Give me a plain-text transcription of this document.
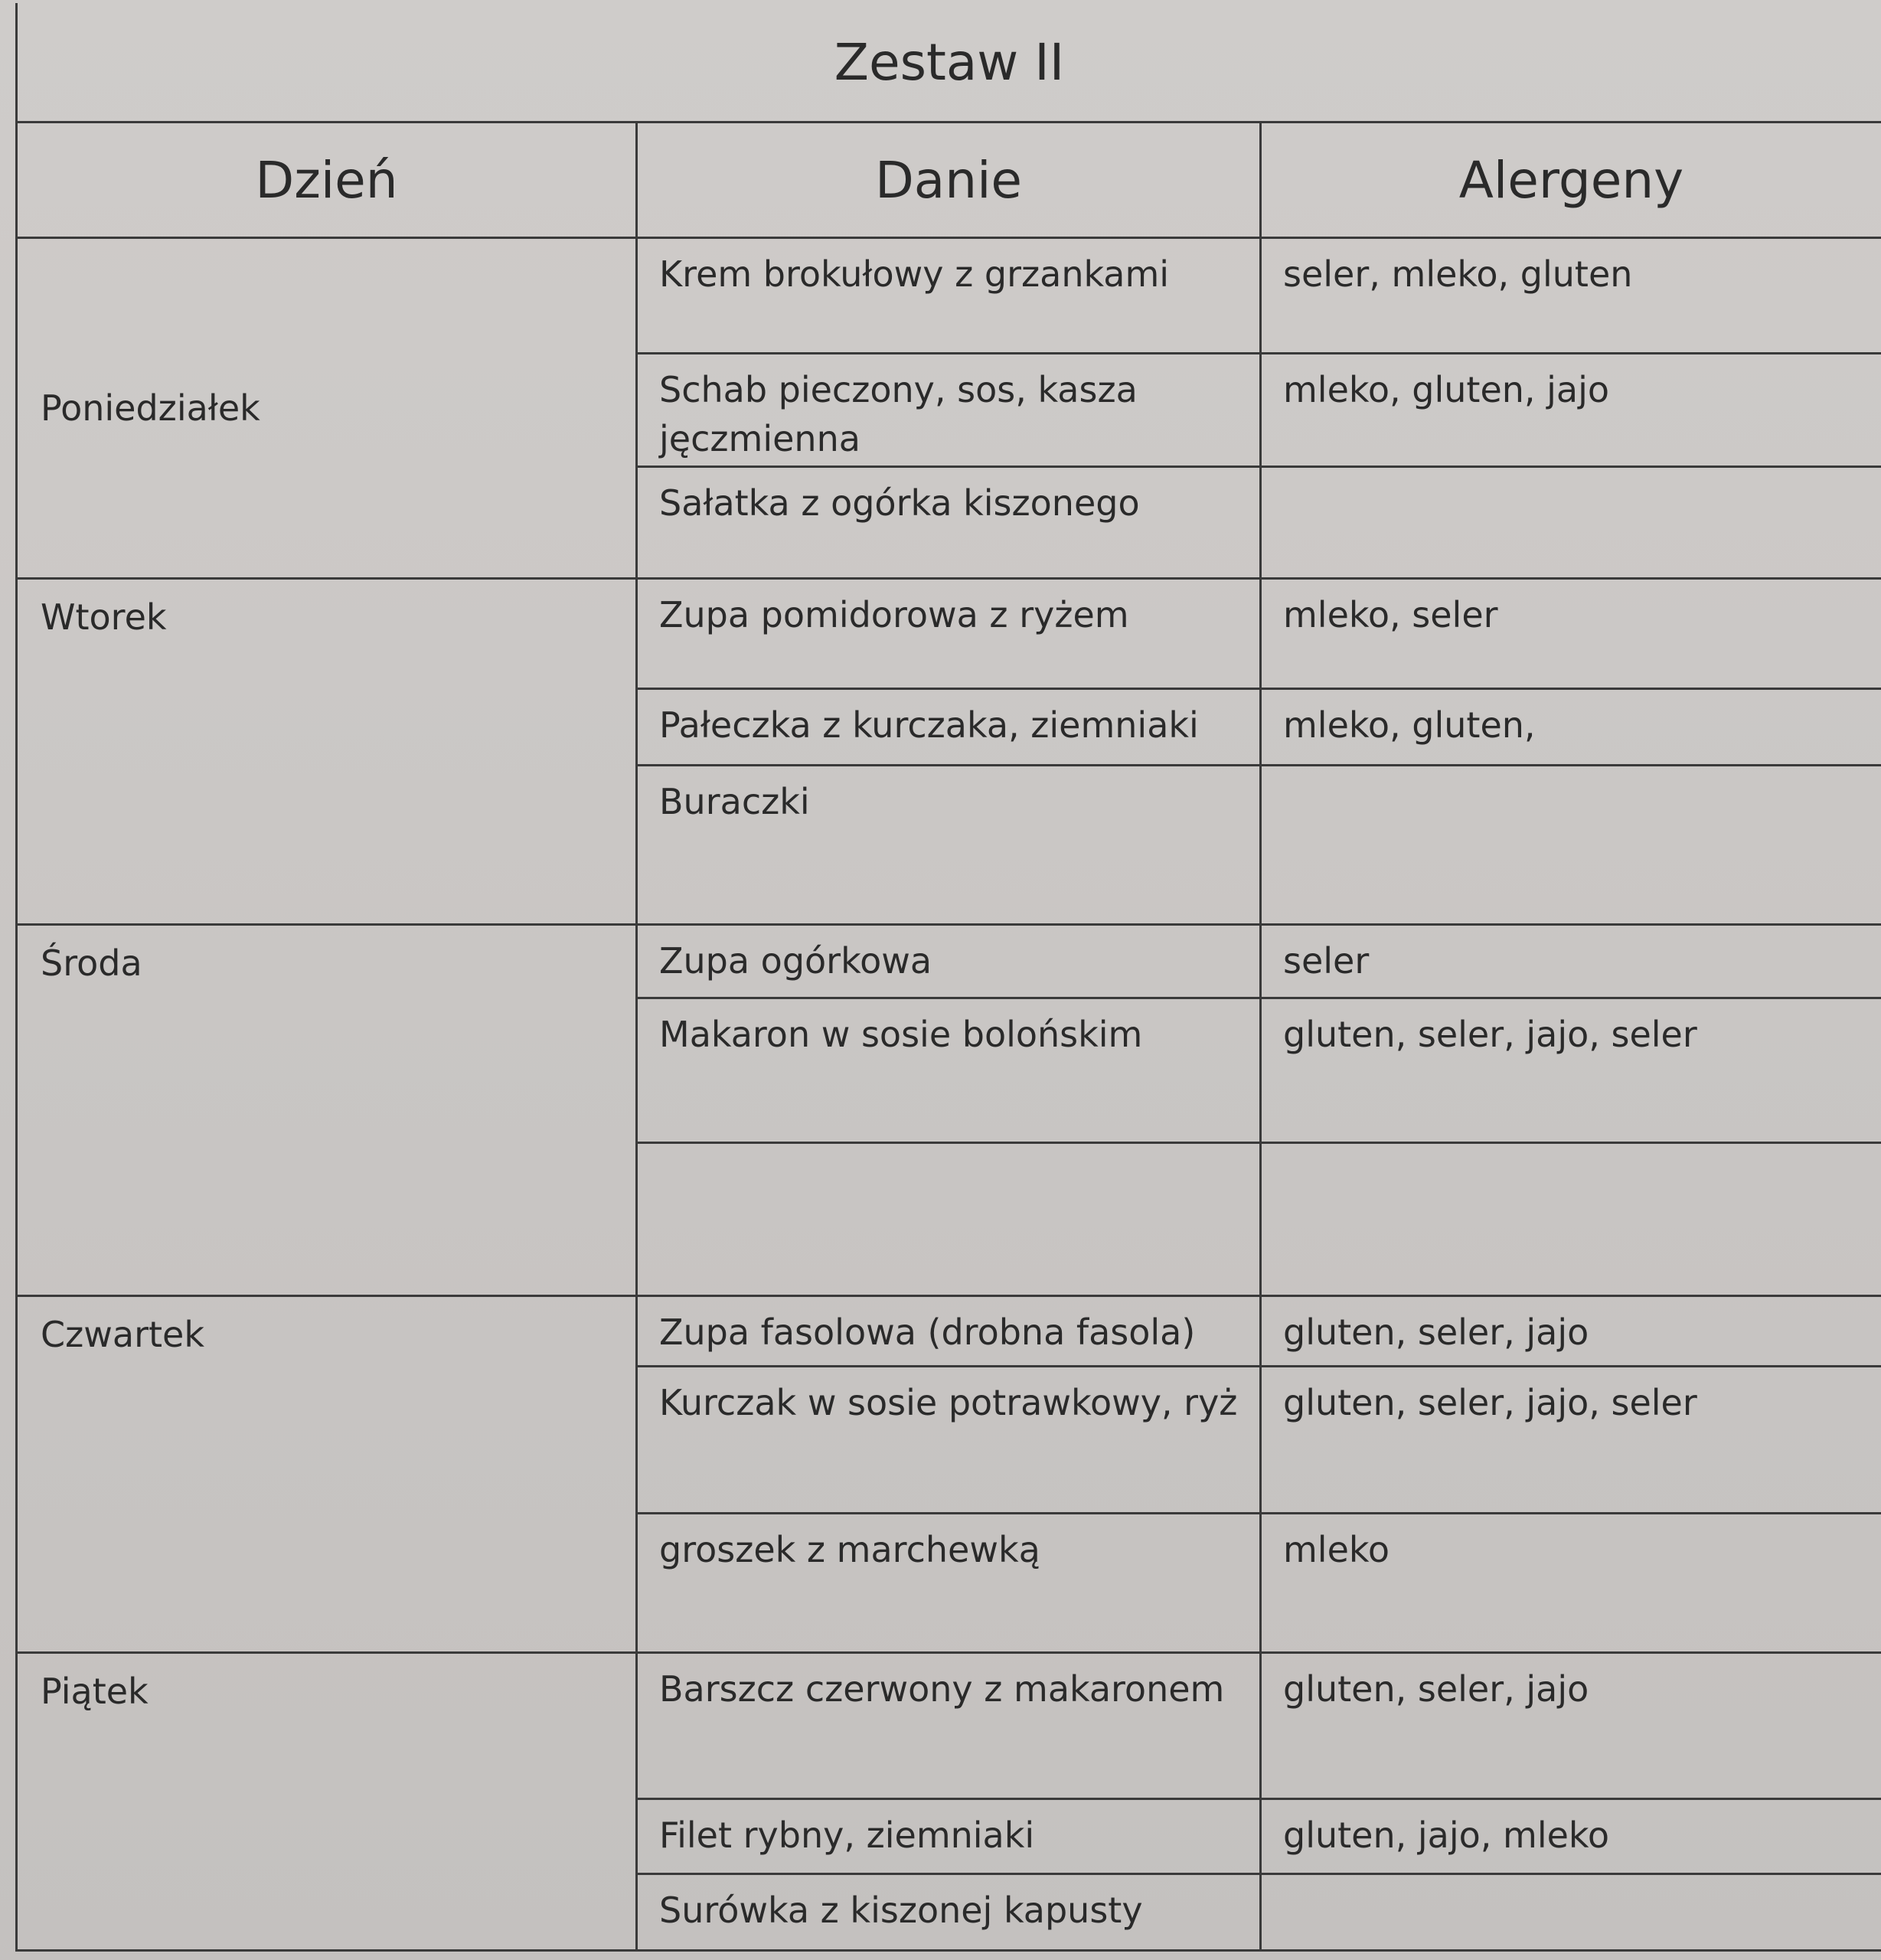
Zestaw II		
Dzień	Danie	Alergeny
Poniedziałek	Krem brokułowy z grzankami	seler, mleko, gluten
	Schab pieczony, sos, kasza jęczmienna	mleko, gluten, jajo
	Sałatka z ogórka kiszonego	
Wtorek	Zupa pomidorowa z ryżem	mleko, seler
	Pałeczka z kurczaka, ziemniaki	mleko, gluten,
	Buraczki	
Środa	Zupa ogórkowa	seler
	Makaron w sosie bolońskim	gluten, seler, jajo, seler

Czwartek	Zupa fasolowa (drobna fasola)	gluten, seler, jajo
	Kurczak w sosie potrawkowy, ryż	gluten, seler, jajo, seler
	groszek z marchewką	mleko
Piątek	Barszcz czerwony z makaronem	gluten, seler, jajo
	Filet rybny, ziemniaki	gluten, jajo, mleko
	Surówka z kiszonej kapusty	
